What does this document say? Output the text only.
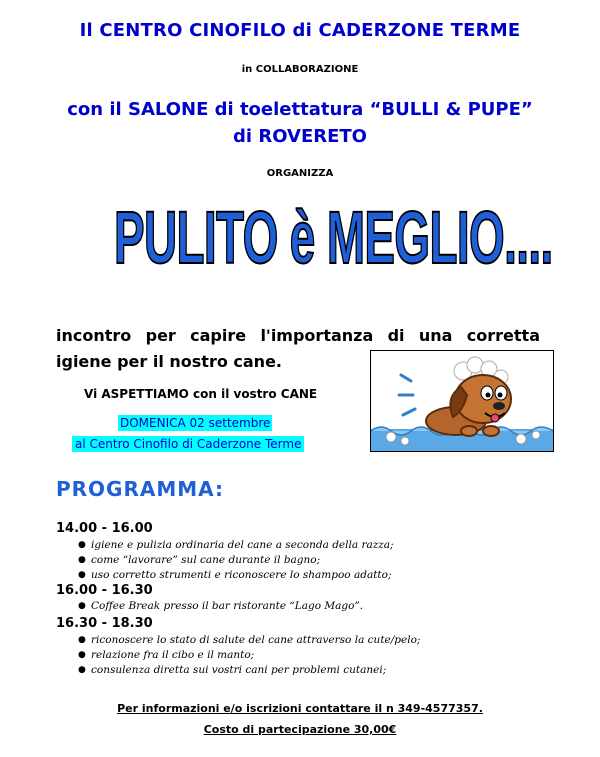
Il CENTRO CINOFILO di CADERZONE TERME
in COLLABORAZIONE
con il SALONE di toelettatura “BULLI & PUPE”
di ROVERETO
ORGANIZZA
PULITO è MEGLIO....
incontro per capire l'importanza di una corretta
igiene per il nostro cane.
Vi ASPETTIAMO con il vostro CANE
DOMENICA 02 settembre
al Centro Cinofilo di Caderzone Terme
PROGRAMMA:
14.00 - 16.00
● igiene e pulizia ordinaria del cane a seconda della razza;
● come “lavorare” sul cane durante il bagno;
● uso corretto strumenti e riconoscere lo shampoo adatto;
16.00 - 16.30
● Coffee Break presso il bar ristorante “Lago Mago”.
16.30 - 18.30
● riconoscere lo stato di salute del cane attraverso la cute/pelo;
● relazione fra il cibo e il manto;
● consulenza diretta sui vostri cani per problemi cutanei;
Per informazioni e/o iscrizioni contattare il n 349-4577357.
Costo di partecipazione 30,00€
